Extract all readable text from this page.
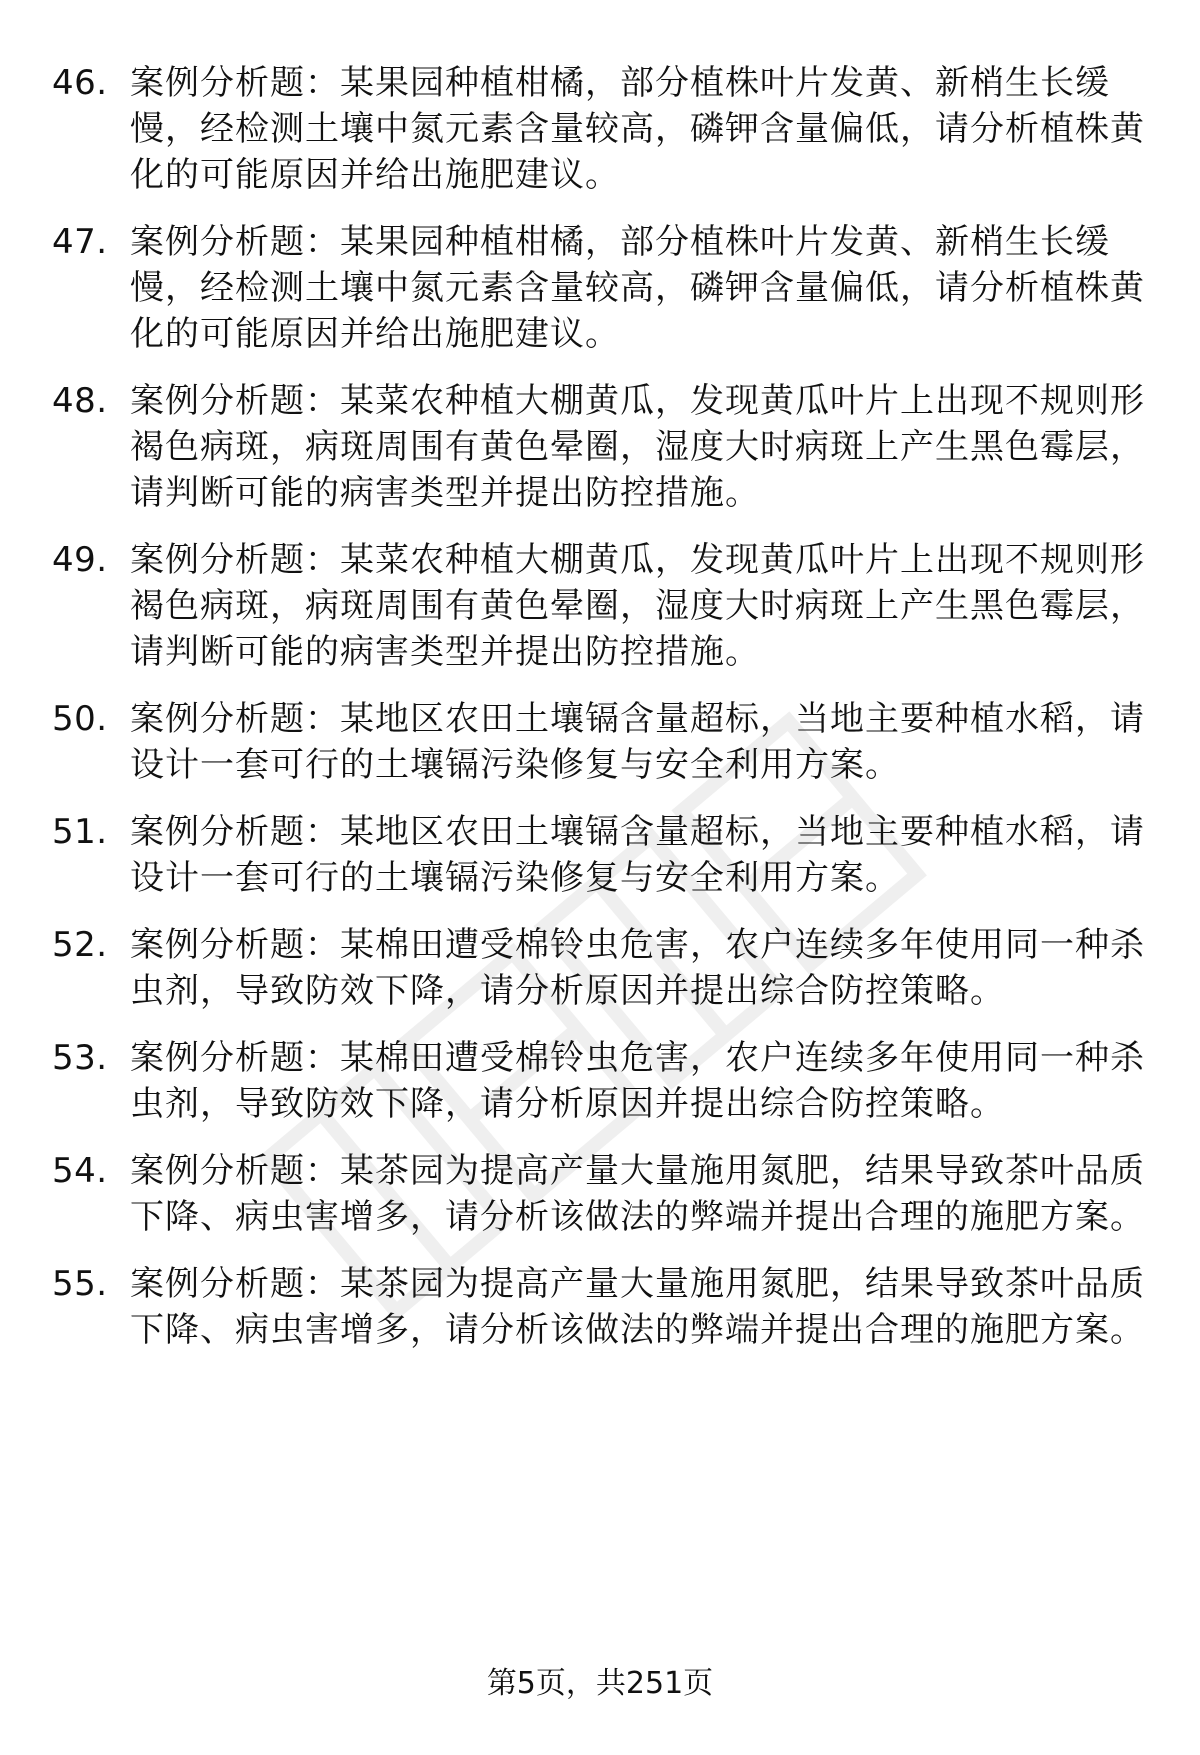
46. 案例分析题：某果园种植柑橘，部分植株叶片发黄、新梢生长缓慢，经检测土壤中氮元素含量较高，磷钾含量偏低，请分析植株黄化的可能原因并给出施肥建议。
47. 案例分析题：某果园种植柑橘，部分植株叶片发黄、新梢生长缓慢，经检测土壤中氮元素含量较高，磷钾含量偏低，请分析植株黄化的可能原因并给出施肥建议。
48. 案例分析题：某菜农种植大棚黄瓜，发现黄瓜叶片上出现不规则形褐色病斑，病斑周围有黄色晕圈，湿度大时病斑上产生黑色霉层，请判断可能的病害类型并提出防控措施。
49. 案例分析题：某菜农种植大棚黄瓜，发现黄瓜叶片上出现不规则形褐色病斑，病斑周围有黄色晕圈，湿度大时病斑上产生黑色霉层，请判断可能的病害类型并提出防控措施。
50. 案例分析题：某地区农田土壤镉含量超标，当地主要种植水稻，请设计一套可行的土壤镉污染修复与安全利用方案。
51. 案例分析题：某地区农田土壤镉含量超标，当地主要种植水稻，请设计一套可行的土壤镉污染修复与安全利用方案。
52. 案例分析题：某棉田遭受棉铃虫危害，农户连续多年使用同一种杀虫剂，导致防效下降，请分析原因并提出综合防控策略。
53. 案例分析题：某棉田遭受棉铃虫危害，农户连续多年使用同一种杀虫剂，导致防效下降，请分析原因并提出综合防控策略。
54. 案例分析题：某茶园为提高产量大量施用氮肥，结果导致茶叶品质下降、病虫害增多，请分析该做法的弊端并提出合理的施肥方案。
55. 案例分析题：某茶园为提高产量大量施用氮肥，结果导致茶叶品质下降、病虫害增多，请分析该做法的弊端并提出合理的施肥方案。
第5页，共251页
